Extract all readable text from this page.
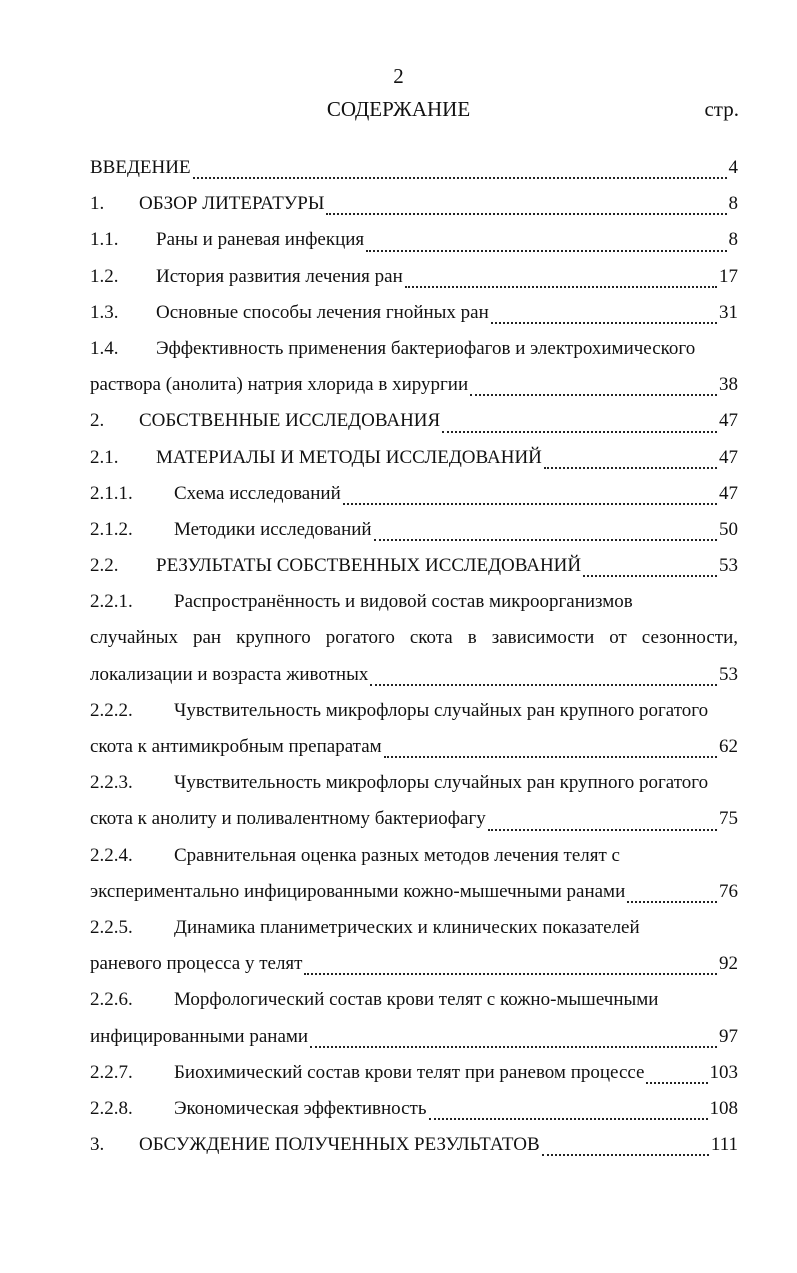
2
СОДЕРЖАНИЕ	стр.
ВВЕДЕНИЕ	4
1.	ОБЗОР ЛИТЕРАТУРЫ	8
1.1.	Раны и раневая инфекция	8
1.2.	История развития лечения ран	17
1.3.	Основные способы лечения гнойных ран	31
1.4.	Эффективность применения бактериофагов и электрохимического
раствора (анолита) натрия хлорида в хирургии	38
2.	СОБСТВЕННЫЕ ИССЛЕДОВАНИЯ	47
2.1.	МАТЕРИАЛЫ И МЕТОДЫ ИССЛЕДОВАНИЙ	47
2.1.1.	Схема исследований	47
2.1.2.	Методики исследований	50
2.2.	РЕЗУЛЬТАТЫ СОБСТВЕННЫХ ИССЛЕДОВАНИЙ	53
2.2.1.	Распространённость и видовой состав микроорганизмов
случайных ран крупного рогатого скота в зависимости от сезонности,
локализации и возраста животных	53
2.2.2.	Чувствительность микрофлоры случайных ран крупного рогатого
скота к антимикробным препаратам	62
2.2.3.	Чувствительность микрофлоры случайных ран крупного рогатого
скота к анолиту и поливалентному бактериофагу	75
2.2.4.	Сравнительная оценка разных методов лечения телят с
экспериментально инфицированными кожно-мышечными ранами	76
2.2.5.	Динамика планиметрических и клинических показателей
раневого процесса у телят	92
2.2.6.	Морфологический состав крови телят с кожно-мышечными
инфицированными ранами	97
2.2.7.	Биохимический состав крови телят при раневом процессе	103
2.2.8.	Экономическая эффективность	108
3.	ОБСУЖДЕНИЕ ПОЛУЧЕННЫХ РЕЗУЛЬТАТОВ	111
